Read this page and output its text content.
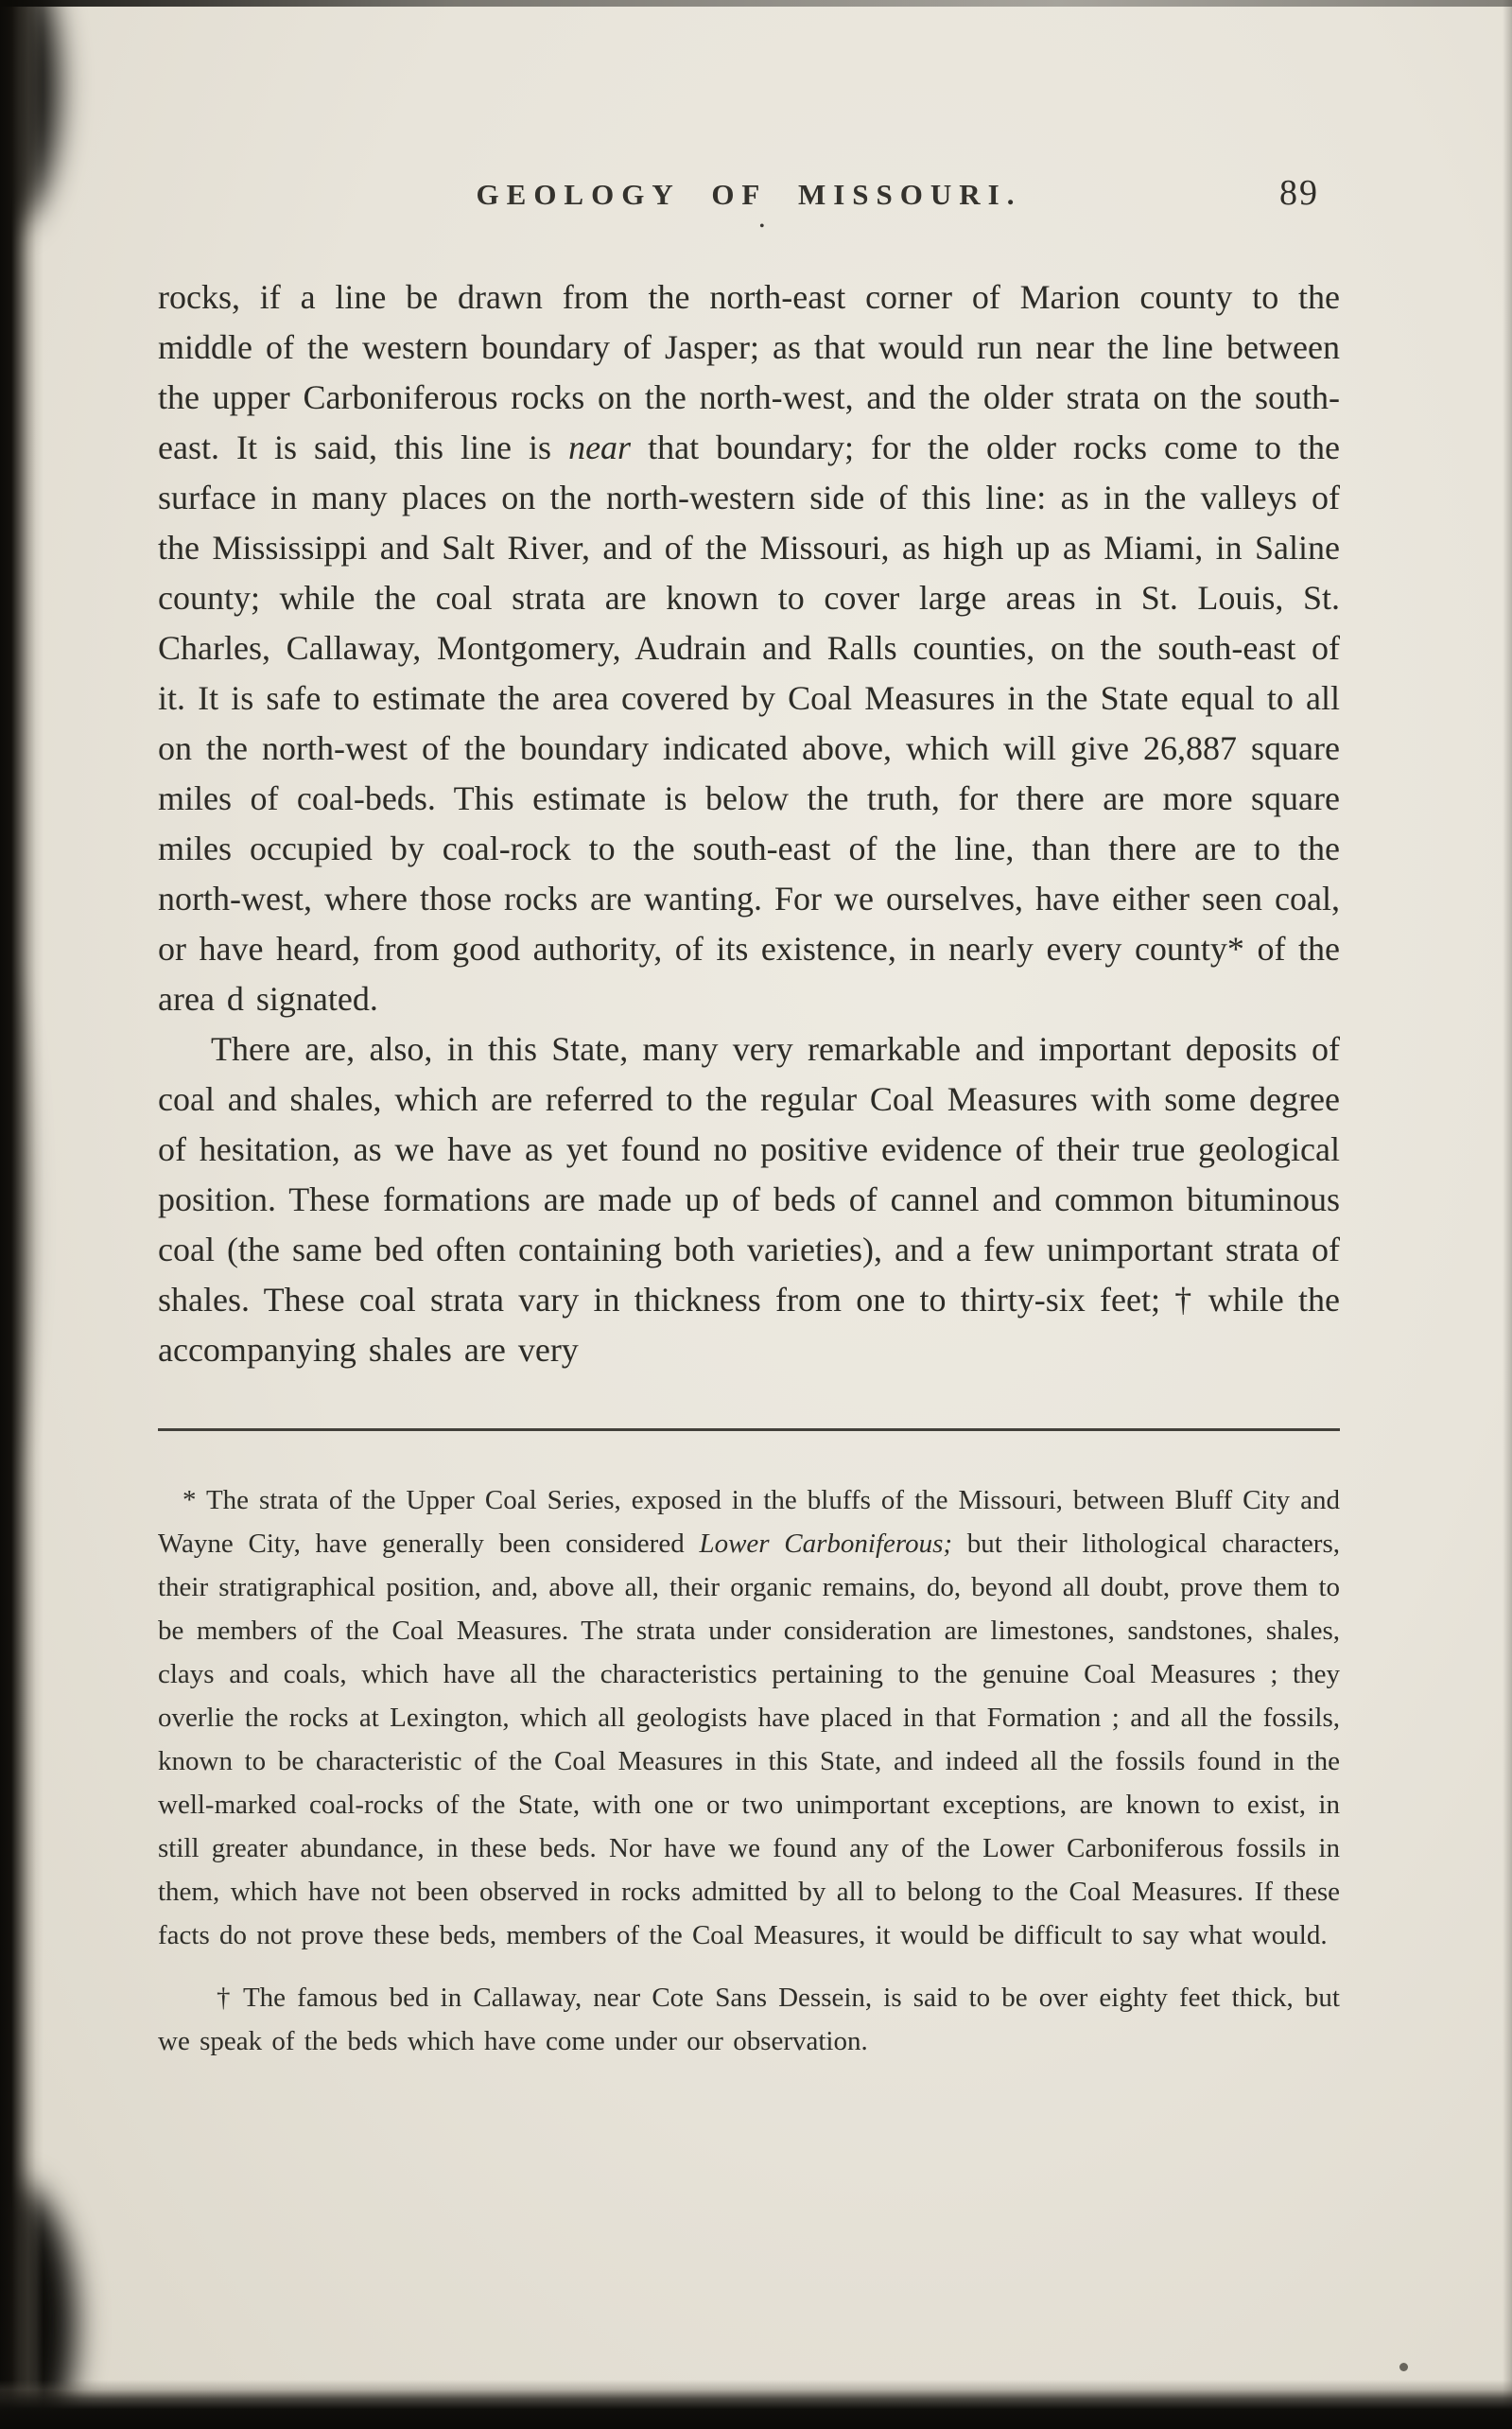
GEOLOGY OF MISSOURI.	89
•

rocks, if a line be drawn from the north-east corner of Marion county to the middle of the western boundary of Jasper; as that would run near the line between the upper Carboniferous rocks on the north-west, and the older strata on the south-east. It is said, this line is near that boundary; for the older rocks come to the surface in many places on the north-western side of this line: as in the valleys of the Mississippi and Salt River, and of the Missouri, as high up as Miami, in Saline county; while the coal strata are known to cover large areas in St. Louis, St. Charles, Callaway, Montgomery, Audrain and Ralls counties, on the south-east of it. It is safe to estimate the area covered by Coal Measures in the State equal to all on the north-west of the boundary indicated above, which will give 26,887 square miles of coal-beds. This estimate is below the truth, for there are more square miles occupied by coal-rock to the south-east of the line, than there are to the north-west, where those rocks are wanting. For we ourselves, have either seen coal, or have heard, from good authority, of its existence, in nearly every county* of the area d signated.

There are, also, in this State, many very remarkable and important deposits of coal and shales, which are referred to the regular Coal Measures with some degree of hesitation, as we have as yet found no positive evidence of their true geological position. These formations are made up of beds of cannel and common bituminous coal (the same bed often containing both varieties), and a few unimportant strata of shales. These coal strata vary in thickness from one to thirty-six feet; † while the accompanying shales are very

* The strata of the Upper Coal Series, exposed in the bluffs of the Missouri, between Bluff City and Wayne City, have generally been considered Lower Carboniferous; but their lithological characters, their stratigraphical position, and, above all, their organic remains, do, beyond all doubt, prove them to be members of the Coal Measures. The strata under consideration are limestones, sandstones, shales, clays and coals, which have all the characteristics pertaining to the genuine Coal Measures ; they overlie the rocks at Lexington, which all geologists have placed in that Formation ; and all the fossils, known to be characteristic of the Coal Measures in this State, and indeed all the fossils found in the well-marked coal-rocks of the State, with one or two unimportant exceptions, are known to exist, in still greater abundance, in these beds. Nor have we found any of the Lower Carboniferous fossils in them, which have not been observed in rocks admitted by all to belong to the Coal Measures. If these facts do not prove these beds, members of the Coal Measures, it would be difficult to say what would.

† The famous bed in Callaway, near Cote Sans Dessein, is said to be over eighty feet thick, but we speak of the beds which have come under our observation.
